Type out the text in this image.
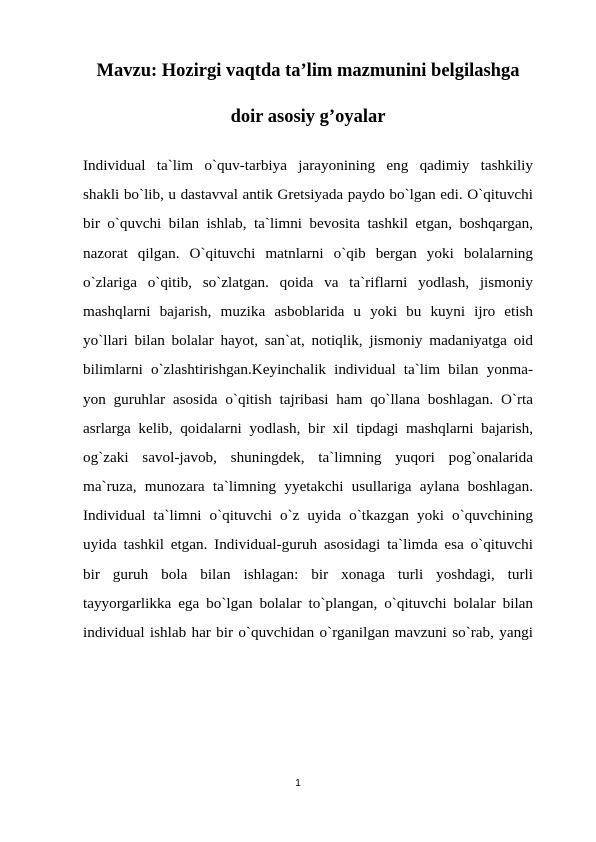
Mavzu: Hozirgi vaqtda ta’lim mazmunini belgilashga
doir asosiy g’oyalar
Individual ta`lim o`quv-tarbiya jarayonining eng qadimiy tashkiliy
shakli bo`lib, u dastavval antik Gretsiyada paydo bo`lgan edi. O`qituvchi
bir o`quvchi bilan ishlab, ta`limni bevosita tashkil etgan, boshqargan,
nazorat qilgan. O`qituvchi matnlarni o`qib bergan yoki bolalarning
o`zlariga o`qitib, so`zlatgan. qoida va ta`riflarni yodlash, jismoniy
mashqlarni bajarish, muzika asboblarida u yoki bu kuyni ijro etish
yo`llari bilan bolalar hayot, san`at, notiqlik, jismoniy madaniyatga oid
bilimlarni o`zlashtirishgan.Keyinchalik individual ta`lim bilan yonma-
yon guruhlar asosida o`qitish tajribasi ham qo`llana boshlagan. O`rta
asrlarga kelib, qoidalarni yodlash, bir xil tipdagi mashqlarni bajarish,
og`zaki savol-javob, shuningdek, ta`limning yuqori pog`onalarida
ma`ruza, munozara ta`limning yyetakchi usullariga aylana boshlagan.
Individual ta`limni o`qituvchi o`z uyida o`tkazgan yoki o`quvchining
uyida tashkil etgan. Individual-guruh asosidagi ta`limda esa o`qituvchi
bir guruh bola bilan ishlagan: bir xonaga turli yoshdagi, turli
tayyorgarlikka ega bo`lgan bolalar to`plangan, o`qituvchi bolalar bilan
individual ishlab har bir o`quvchidan o`rganilgan mavzuni so`rab, yangi
1
